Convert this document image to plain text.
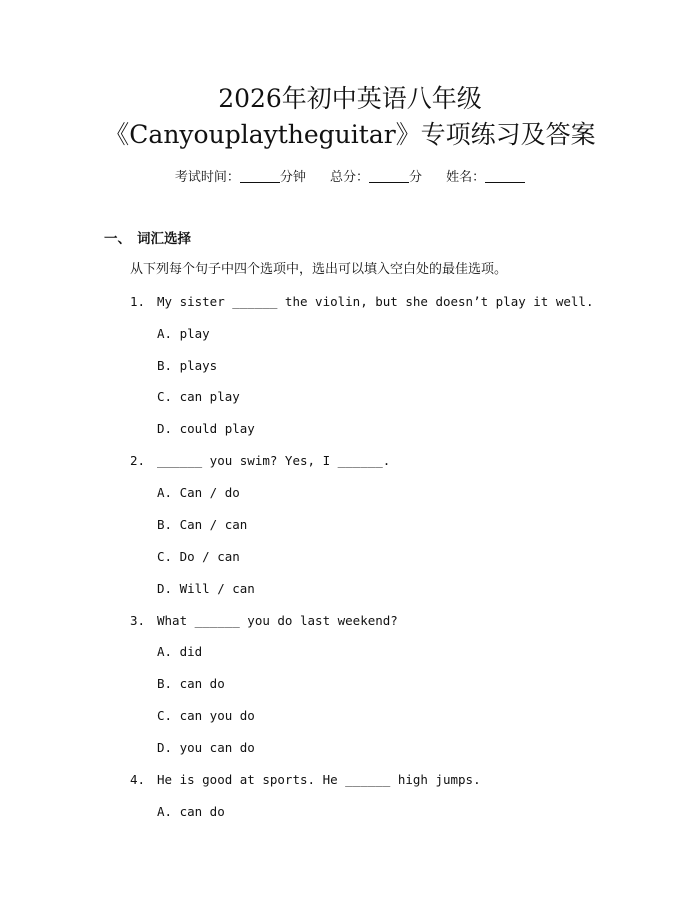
2026年初中英语八年级
《Canyouplaytheguitar》专项练习及答案
考试时间：	分钟 总分：	分 姓名：
一、 词汇选择
从下列每个句子中四个选项中，选出可以填入空白处的最佳选项。
1. My sister ______ the violin, but she doesn’t play it well.
A. play
B. plays
C. can play
D. could play
2. ______ you swim? Yes, I ______.
A. Can / do
B. Can / can
C. Do / can
D. Will / can
3. What ______ you do last weekend?
A. did
B. can do
C. can you do
D. you can do
4. He is good at sports. He ______ high jumps.
A. can do
